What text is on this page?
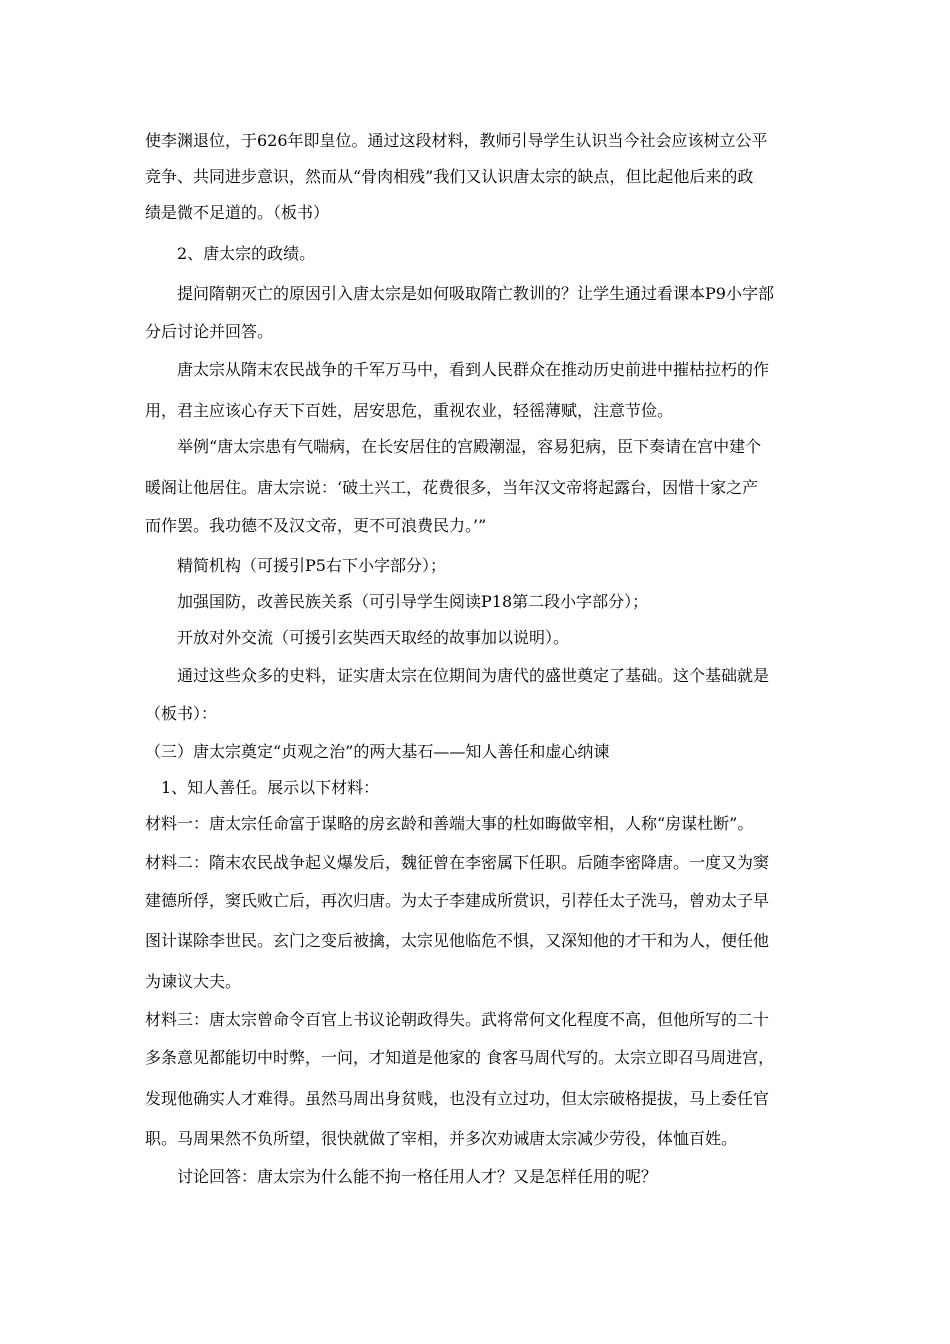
使李渊退位，于626年即皇位。通过这段材料，教师引导学生认识当今社会应该树立公平
竞争、共同进步意识，然而从“骨肉相残”我们又认识唐太宗的缺点，但比起他后来的政
绩是微不足道的。（板书）
2、唐太宗的政绩。
提问隋朝灭亡的原因引入唐太宗是如何吸取隋亡教训的？让学生通过看课本P9小字部
分后讨论并回答。
唐太宗从隋末农民战争的千军万马中，看到人民群众在推动历史前进中摧枯拉朽的作
用，君主应该心存天下百姓，居安思危，重视农业，轻徭薄赋，注意节俭。
举例“唐太宗患有气喘病，在长安居住的宫殿潮湿，容易犯病，臣下奏请在宫中建个
暖阁让他居住。唐太宗说：‘破土兴工，花费很多，当年汉文帝将起露台，因惜十家之产
而作罢。我功德不及汉文帝，更不可浪费民力。’”
精简机构（可援引P5右下小字部分）；
加强国防，改善民族关系（可引导学生阅读P18第二段小字部分）；
开放对外交流（可援引玄奘西天取经的故事加以说明）。
通过这些众多的史料，证实唐太宗在位期间为唐代的盛世奠定了基础。这个基础就是
（板书）：
（三）唐太宗奠定“贞观之治”的两大基石——知人善任和虚心纳谏
1、知人善任。展示以下材料：
材料一：唐太宗任命富于谋略的房玄龄和善端大事的杜如晦做宰相，人称“房谋杜断”。
材料二：隋末农民战争起义爆发后，魏征曾在李密属下任职。后随李密降唐。一度又为窦
建德所俘，窦氏败亡后，再次归唐。为太子李建成所赏识，引荐任太子洗马，曾劝太子早
图计谋除李世民。玄门之变后被擒，太宗见他临危不惧，又深知他的才干和为人，便任他
为谏议大夫。
材料三：唐太宗曾命令百官上书议论朝政得失。武将常何文化程度不高，但他所写的二十
多条意见都能切中时弊，一问，才知道是他家的 食客马周代写的。太宗立即召马周进宫，
发现他确实人才难得。虽然马周出身贫贱，也没有立过功，但太宗破格提拔，马上委任官
职。马周果然不负所望，很快就做了宰相，并多次劝诫唐太宗减少劳役，体恤百姓。
讨论回答：唐太宗为什么能不拘一格任用人才？又是怎样任用的呢？
